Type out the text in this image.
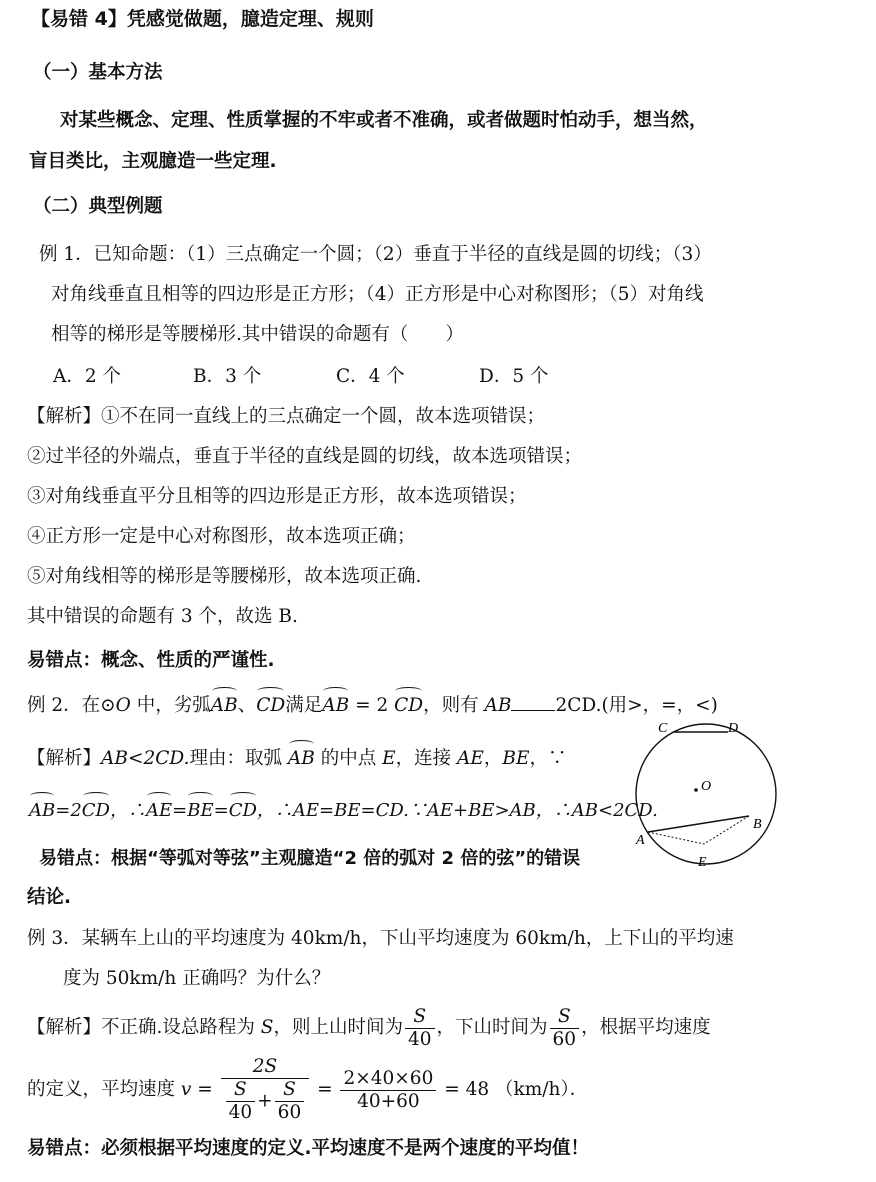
【易错 4】凭感觉做题，臆造定理、规则
（一）基本方法
对某些概念、定理、性质掌握的不牢或者不准确，或者做题时怕动手，想当然，
盲目类比，主观臆造一些定理.
（二）典型例题
例 1．已知命题：（1）三点确定一个圆；（2）垂直于半径的直线是圆的切线；（3）
对角线垂直且相等的四边形是正方形；（4）正方形是中心对称图形；（5）对角线
相等的梯形是等腰梯形.其中错误的命题有（　　）
A．2 个	B．3 个	C．4 个	D．5 个
【解析】①不在同一直线上的三点确定一个圆，故本选项错误；
②过半径的外端点，垂直于半径的直线是圆的切线，故本选项错误；
③对角线垂直平分且相等的四边形是正方形，故本选项错误；
④正方形一定是中心对称图形，故本选项正确；
⑤对角线相等的梯形是等腰梯形，故本选项正确.
其中错误的命题有 3 个，故选 B.
易错点：概念、性质的严谨性.
例 2．在⊙O 中，劣弧AB、CD满足AB = 2 CD，则有 AB 2CD.(用>，=，<)
【解析】AB<2CD.理由：取弧 AB 的中点 E，连接 AE，BE，∵
AB=2CD，∴AE=BE=CD，∴AE=BE=CD.∵AE+BE>AB，∴AB<2CD.
易错点：根据“等弧对等弦”主观臆造“2 倍的弧对 2 倍的弦”的错误
结论.
C	D
O
A
B
E
例 3．某辆车上山的平均速度为 40km/h，下山平均速度为 60km/h，上下山的平均速
度为 50km/h 正确吗？为什么？
【解析】不正确.设总路程为 S，则上山时间为 $\frac{S}{40}$ ，下山时间为 $\frac{S}{60}$ ，根据平均速度
的定义，平均速度 $v = \frac{2S}{\frac{S}{40} + \frac{S}{60}} = \frac{2\times 40\times 60}{40+60} = 48$ （km/h）．
易错点：必须根据平均速度的定义.平均速度不是两个速度的平均值！
